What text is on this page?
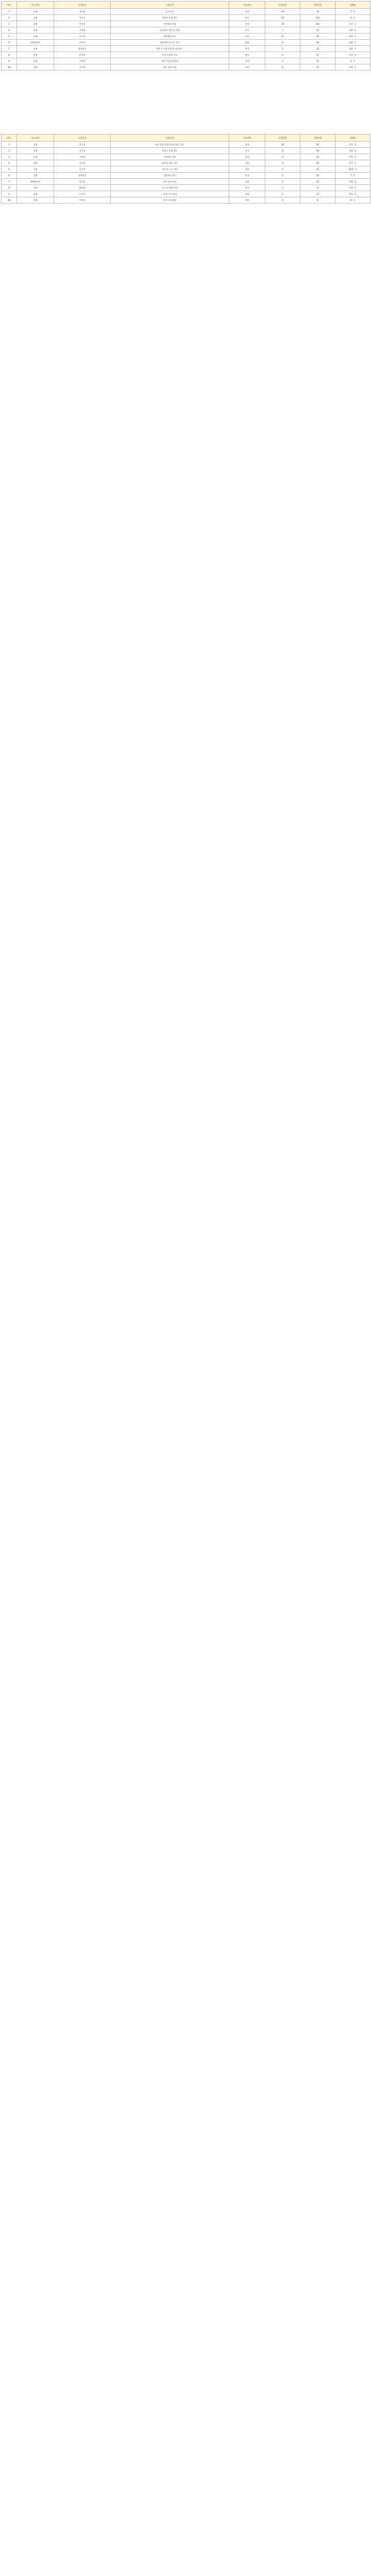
번호	공고기관	모집부서	모집분야	모집지역	모집인원	지원인원	경쟁률
1	공채	전기직	급전 설비	전국	14	70	5 : 1
2	공채	전기직	송변전 운영 업무	전국	22	131	6 : 1
3	공채	전기직	전력계통 운영	전국	18	84	4.7 : 1
4	공채	기계직	발전설비 정비 및 운영	전국	7	41	5.9 : 1
5	공채	사무직	일반행정 업무	서울	11	92	8.4 : 1
6	전환형인턴	사무직	경영지원 및 사무 업무	대전	9	58	6.4 : 1
7	공채	정보통신	전산 시스템 운영 및 유지보수	전국	5	33	6.6 : 1
8	공채	토목직	토목 시설물 관리	전국	3	17	5.7 : 1
9	공채	건축직	건축 시설 유지관리	전국	2	12	6 : 1
10	공채	전기직	배전 설비 운영	부산	6	27	4.5 : 1
번호	공고기관	모집부서	모집분야	모집지역	모집인원	지원인원	경쟁률
1	공채	전기직	송전 설비 운영 및 유지보수 업무	전국	12	61	5.1 : 1
2	공채	전기직	변전소 운영 업무	전국	8	39	4.9 : 1
3	공채	기계직	기계설비 정비	경남	4	22	5.5 : 1
4	공채	사무직	회계 및 재무 업무	서울	3	29	9.7 : 1
5	공채	사무직	인사 및 노무 관리	서울	2	21	10.5 : 1
6	공채	정보통신	정보보안 업무	전국	2	14	7 : 1
7	전환형인턴	전기직	전력 설비 점검	전남	5	23	4.6 : 1
8	공채	화학직	수질 및 환경 관리	전국	2	9	4.5 : 1
9	공채	토목직	댐 및 수로 관리	강원	2	11	5.5 : 1
10	공채	건축직	사옥 시설 관리	서울	1	8	8 : 1
